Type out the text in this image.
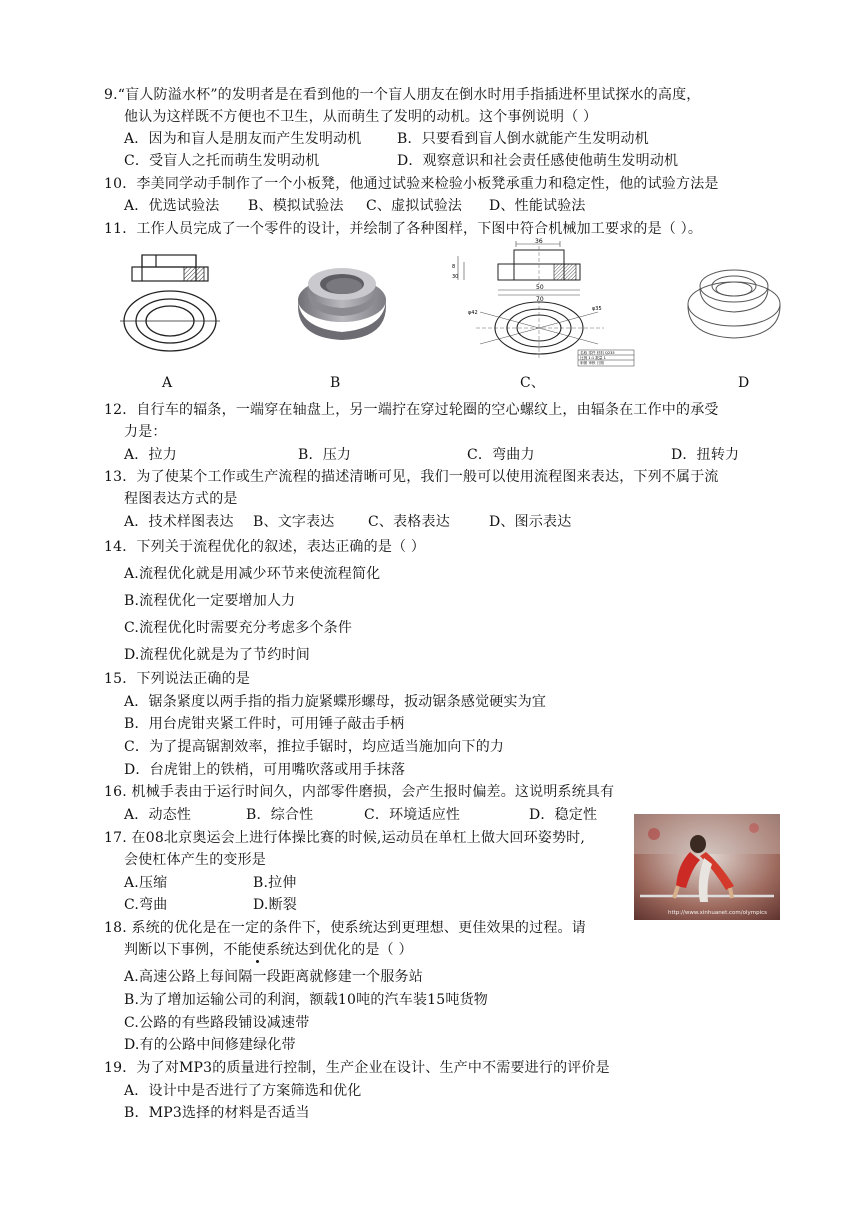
9.“盲人防溢水杯”的发明者是在看到他的一个盲人朋友在倒水时用手指插进杯里试探水的高度，
他认为这样既不方便也不卫生，从而萌生了发明的动机。这个事例说明（ ）
A．因为和盲人是朋友而产生发明动机	B．只要看到盲人倒水就能产生发明动机
C．受盲人之托而萌生发明动机	D．观察意识和社会责任感使他萌生发明动机
10．李美同学动手制作了一个小板凳，他通过试验来检验小板凳承重力和稳定性，他的试验方法是
A．优选试验法 B、模拟试验法 C、虚拟试验法 D、性能试验法
11．工作人员完成了一个零件的设计，并绘制了各种图样，下图中符合机械加工要求的是（ ）。
36
50
70
8
30
φ42
φ35
名称 零件 材料 Q235
比例 1:1 数量 1
制图 审核 日期
A	B	C、	D
12．自行车的辐条，一端穿在轴盘上，另一端拧在穿过轮圈的空心螺纹上，由辐条在工作中的承受
力是：
A．拉力	B．压力	C．弯曲力	D．扭转力
13．为了使某个工作或生产流程的描述清晰可见，我们一般可以使用流程图来表达，下列不属于流
程图表达方式的是
A．技术样图表达 B、文字表达 C、表格表达	D、图示表达
14．下列关于流程优化的叙述，表达正确的是（ ）
A.流程优化就是用减少环节来使流程简化
B.流程优化一定要增加人力
C.流程优化时需要充分考虑多个条件
D.流程优化就是为了节约时间
15．下列说法正确的是
A．锯条紧度以两手指的指力旋紧蝶形螺母，扳动锯条感觉硬实为宜
B．用台虎钳夹紧工件时，可用锤子敲击手柄
C．为了提高锯割效率，推拉手锯时，均应适当施加向下的力
D．台虎钳上的铁梢，可用嘴吹落或用手抹落
16. 机械手表由于运行时间久，内部零件磨损，会产生报时偏差。这说明系统具有
A．动态性	B．综合性	C．环境适应性	D．稳定性
17. 在08北京奥运会上进行体操比赛的时候,运动员在单杠上做大回环姿势时,
会使杠体产生的变形是
A.压缩	B.拉伸
C.弯曲	D.断裂	http://www.xinhuanet.com/olympics
18. 系统的优化是在一定的条件下，使系统达到更理想、更佳效果的过程。请
判断以下事例，不能使系统达到优化的是（ ）
A.高速公路上每间隔一段距离就修建一个服务站
B.为了增加运输公司的利润，额载10吨的汽车装15吨货物
C.公路的有些路段铺设减速带
D.有的公路中间修建绿化带
19．为了对MP3的质量进行控制，生产企业在设计、生产中不需要进行的评价是
A．设计中是否进行了方案筛选和优化
B．MP3选择的材料是否适当
